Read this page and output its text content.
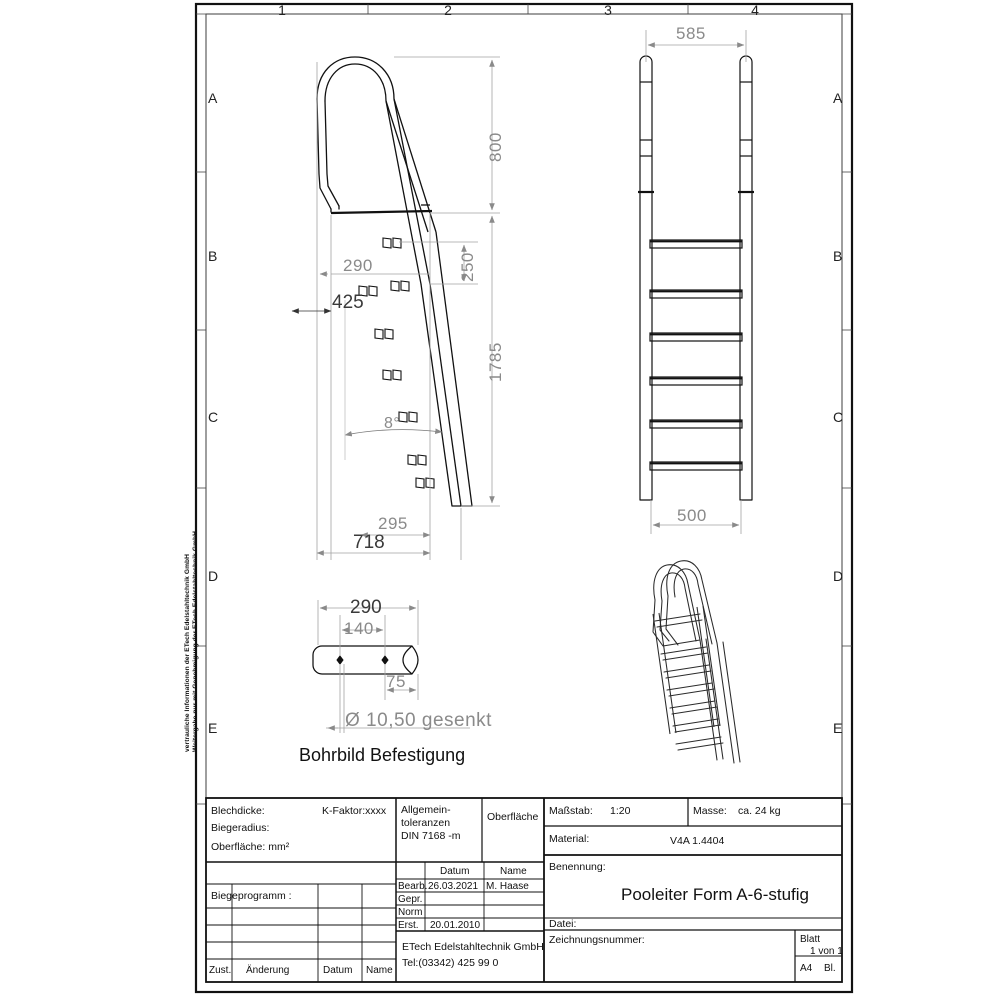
1	2	3	4
A
B
C
D
E
A
B
C
D
E
vertrauliche Informationen der ETech Edelstahltechnik GmbH Weitergabe nur mit Genehmigung der ETech Edelstahltechnik GmbH
800
250
1785
290
425
295
718
8°
585
500
290
140
75
Ø 10,50 gesenkt
Bohrbild Befestigung
Blechdicke:
Biegeradius:
Oberfläche: mm²
K-Faktor:xxxx Allgemein-
toleranzen
DIN 7168 -m
Oberfläche
Biegeprogramm :
Zust. Änderung	Datum Name
Datum	Name
Bearb. 26.03.2021 M. Haase
Gepr.
Norm
Erst. 20.01.2010
ETech Edelstahltechnik GmbH
Tel:(03342) 425 99 0
Maßstab: 1:20	Masse: ca. 24 kg
Material:	V4A 1.4404
Benennung:
Pooleiter Form A-6-stufig
Datei:
Zeichnungsnummer:	Blatt
1 von 1
A4 Bl.
